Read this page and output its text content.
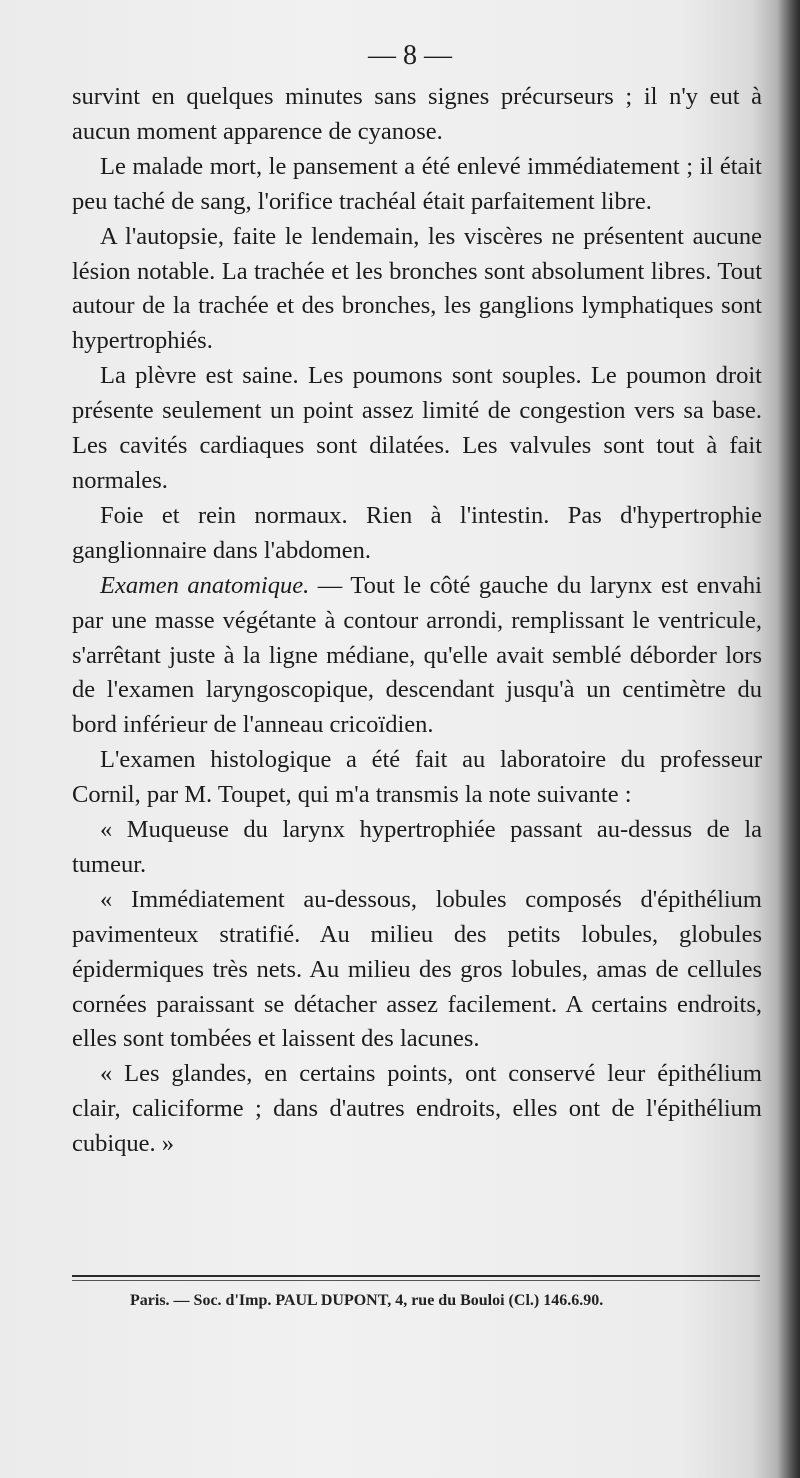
— 8 —

survint en quelques minutes sans signes précurseurs ; il n'y eut à aucun moment apparence de cyanose.

Le malade mort, le pansement a été enlevé immédiatement ; il était peu taché de sang, l'orifice trachéal était parfaitement libre.

A l'autopsie, faite le lendemain, les viscères ne présentent aucune lésion notable. La trachée et les bronches sont absolument libres. Tout autour de la trachée et des bronches, les ganglions lymphatiques sont hypertrophiés.

La plèvre est saine. Les poumons sont souples. Le poumon droit présente seulement un point assez limité de congestion vers sa base. Les cavités cardiaques sont dilatées. Les valvules sont tout à fait normales.

Foie et rein normaux. Rien à l'intestin. Pas d'hypertrophie ganglionnaire dans l'abdomen.

Examen anatomique. — Tout le côté gauche du larynx est envahi par une masse végétante à contour arrondi, remplissant le ventricule, s'arrêtant juste à la ligne médiane, qu'elle avait semblé déborder lors de l'examen laryngoscopique, descendant jusqu'à un centimètre du bord inférieur de l'anneau cricoïdien.

L'examen histologique a été fait au laboratoire du professeur Cornil, par M. Toupet, qui m'a transmis la note suivante :

« Muqueuse du larynx hypertrophiée passant au-dessus de la tumeur.

« Immédiatement au-dessous, lobules composés d'épithélium pavimenteux stratifié. Au milieu des petits lobules, globules épidermiques très nets. Au milieu des gros lobules, amas de cellules cornées paraissant se détacher assez facilement. A certains endroits, elles sont tombées et laissent des lacunes.

« Les glandes, en certains points, ont conservé leur épithélium clair, caliciforme ; dans d'autres endroits, elles ont de l'épithélium cubique. »

Paris. — Soc. d'Imp. PAUL DUPONT, 4, rue du Bouloi (Cl.) 146.6.90.
